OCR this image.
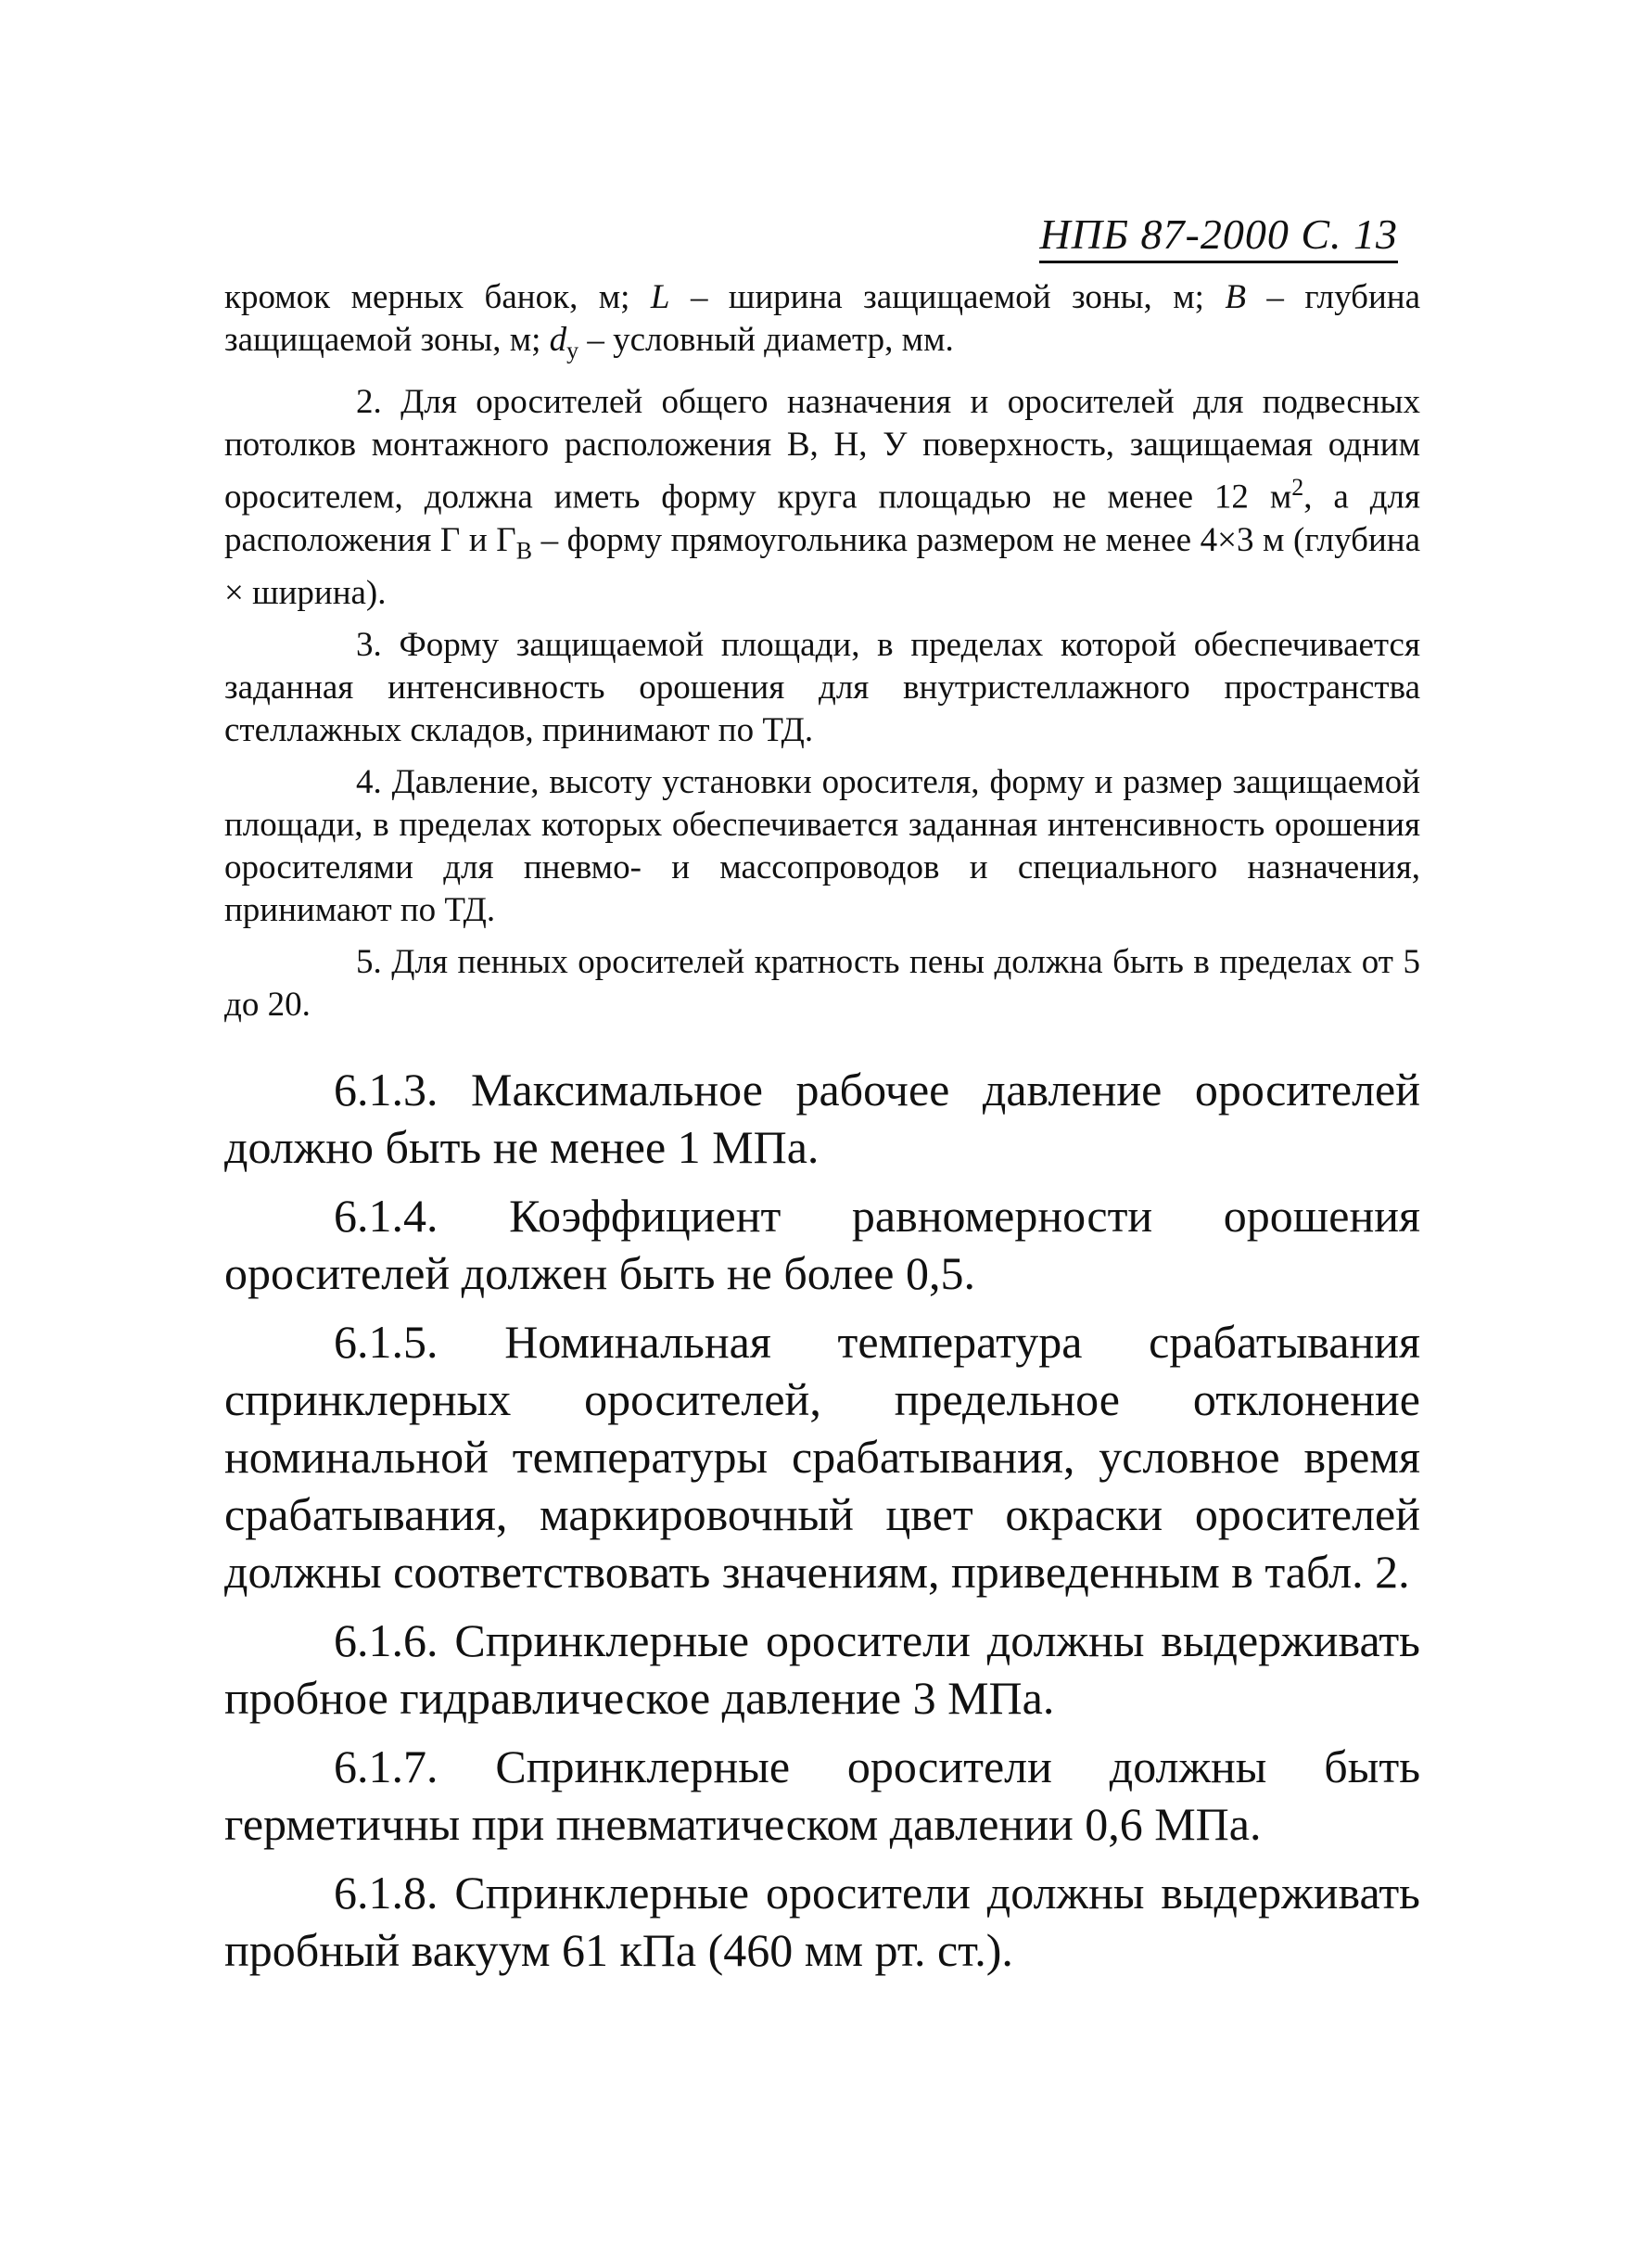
НПБ 87-2000 С. 13

кромок мерных банок, м; L – ширина защищаемой зоны, м; B – глубина защищаемой зоны, м; $d_у$ – условный диаметр, мм.

2. Для оросителей общего назначения и оросителей для подвесных потолков монтажного расположения В, Н, У поверхность, защищаемая одним оросителем, должна иметь форму круга площадью не менее 12 $м^2$, а для расположения Г и $Г_В$ – форму прямоугольника размером не менее 4×3 м (глубина × ширина).

3. Форму защищаемой площади, в пределах которой обеспечивается заданная интенсивность орошения для внутристеллажного пространства стеллажных складов, принимают по ТД.

4. Давление, высоту установки оросителя, форму и размер защищаемой площади, в пределах которых обеспечивается заданная интенсивность орошения оросителями для пневмо- и массопроводов и специального назначения, принимают по ТД.

5. Для пенных оросителей кратность пены должна быть в пределах от 5 до 20.

6.1.3. Максимальное рабочее давление оросителей должно быть не менее 1 МПа.

6.1.4. Коэффициент равномерности орошения оросителей должен быть не более 0,5.

6.1.5. Номинальная температура срабатывания спринклерных оросителей, предельное отклонение номинальной температуры срабатывания, условное время срабатывания, маркировочный цвет окраски оросителей должны соответствовать значениям, приведенным в табл. 2.

6.1.6. Спринклерные оросители должны выдерживать пробное гидравлическое давление 3 МПа.

6.1.7. Спринклерные оросители должны быть герметичны при пневматическом давлении 0,6 МПа.

6.1.8. Спринклерные оросители должны выдерживать пробный вакуум 61 кПа (460 мм рт. ст.).
